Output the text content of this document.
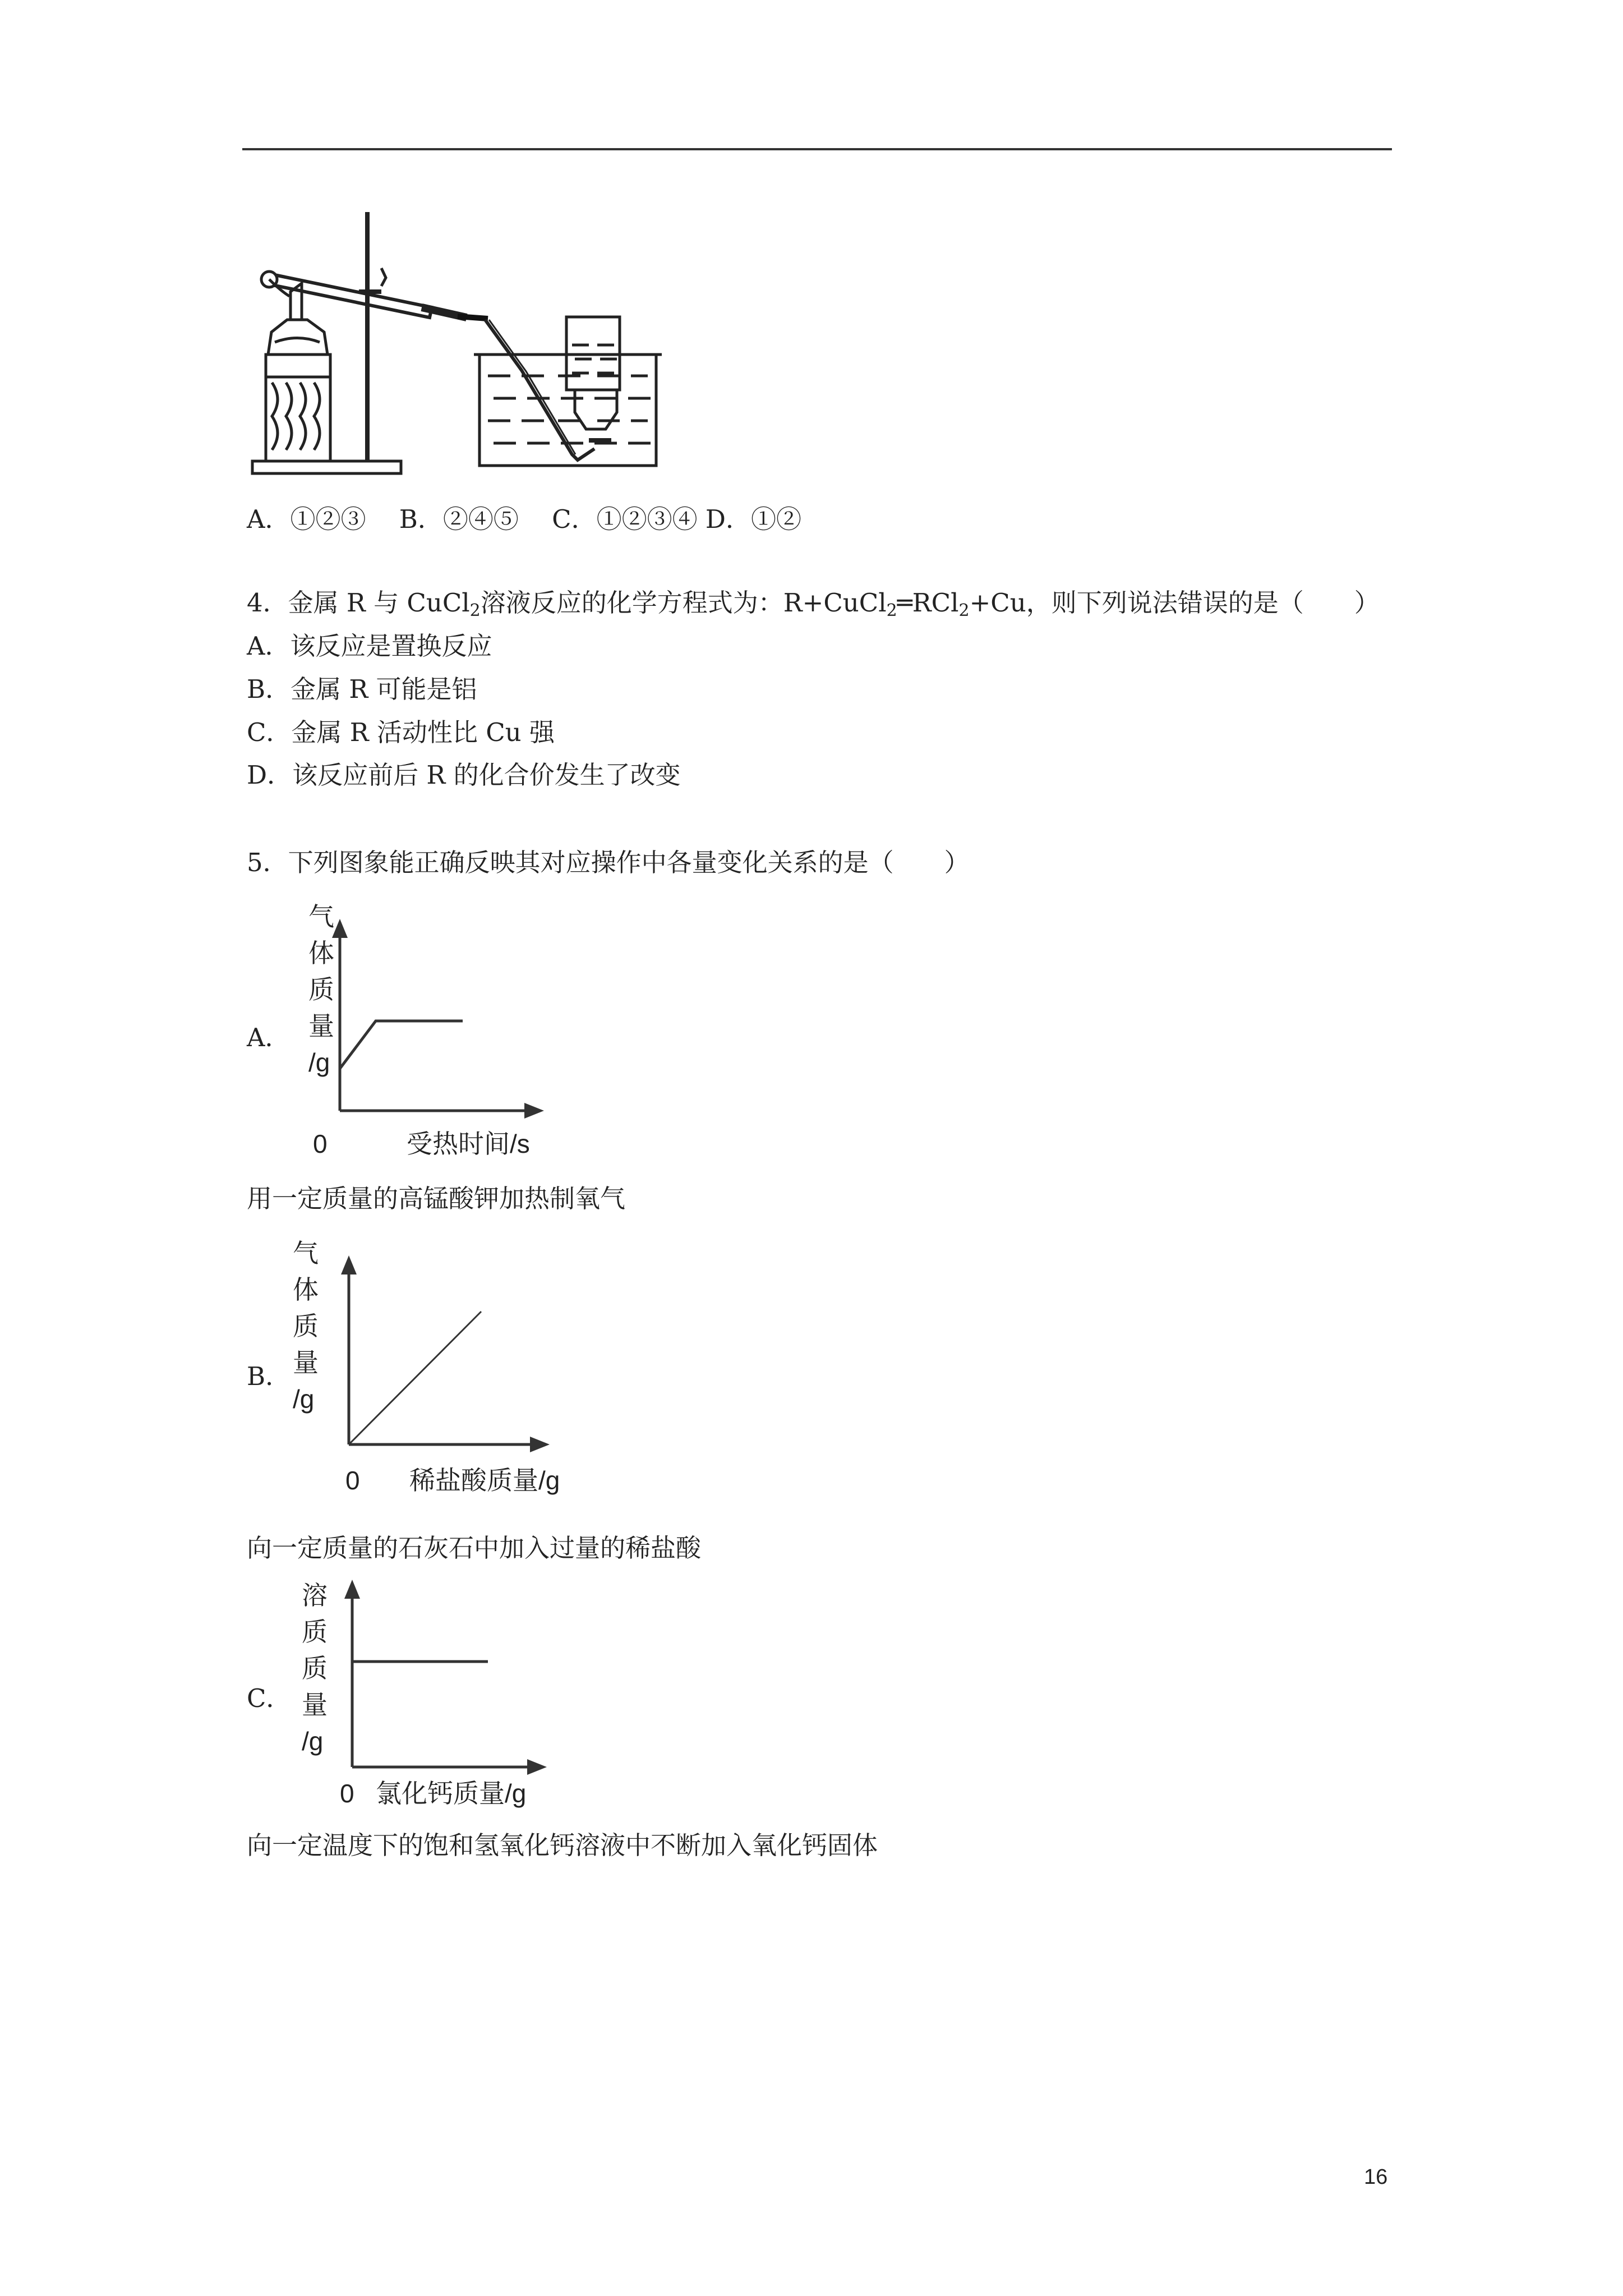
A．①②③　 B．②④⑤　 C．①②③④ D．①②
4．金属 R 与 CuCl$_2$溶液反应的化学方程式为：R+CuCl$_2$═RCl$_2$+Cu，则下列说法错误的是（　　）
A．该反应是置换反应
B．金属 R 可能是铝
C．金属 R 活动性比 Cu 强
D．该反应前后 R 的化合价发生了改变
5．下列图象能正确反映其对应操作中各量变化关系的是（　　）
A．
气
体
质
量
/g
0	受热时间/s
用一定质量的高锰酸钾加热制氧气
B．
气
体
质
量
/g
0 稀盐酸质量/g
向一定质量的石灰石中加入过量的稀盐酸
C．
溶
质
质
量
/g
0 氯化钙质量/g
向一定温度下的饱和氢氧化钙溶液中不断加入氧化钙固体
16
